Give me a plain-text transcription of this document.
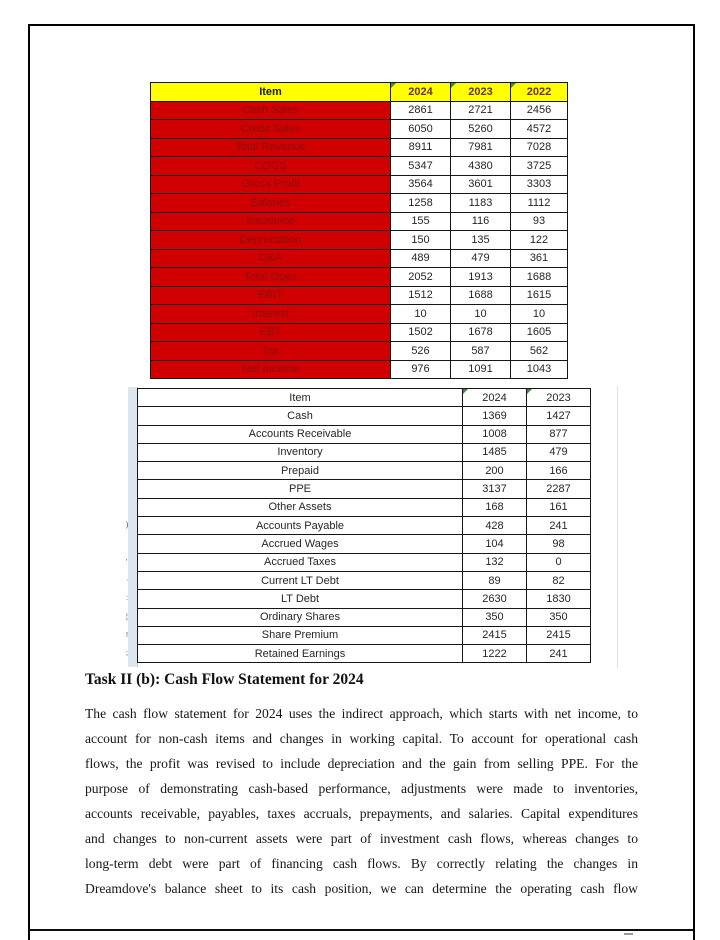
Item	2024	2023	2022

Cash Sales	2861	2721	2456
Credit Sales	6050	5260	4572
Total Revenue	8911	7981	7028
COGS	5347	4380	3725
Gross Profit	3564	3601	3303
Salaries	1258	1183	1112
Insurance	155	116	93
Depreciation	150	135	122
G&A	489	479	361
Total Opex	2052	1913	1688
EBIT	1512	1688	1615
Interest	10	10	10
EBT	1502	1678	1605
Tax	526	587	562
Net Income	976	1091	1043
Item	2024	2023

Cash	1369	1427
Accounts Receivable	1008	877
Inventory	1485	479
Prepaid	200	166
PPE	3137	2287
Other Assets	168	161
Accounts Payable	428	241
Accrued Wages	104	98
Accrued Taxes	132	0
Current LT Debt	89	82
LT Debt	2630	1830
Ordinary Shares	350	350
Share Premium	2415	2415
Retained Earnings	1222	241
Task II (b): Cash Flow Statement for 2024
The cash flow statement for 2024 uses the indirect approach, which starts with net income, to
account for non-cash items and changes in working capital. To account for operational cash
flows, the profit was revised to include depreciation and the gain from selling PPE. For the
purpose of demonstrating cash-based performance, adjustments were made to inventories,
accounts receivable, payables, taxes accruals, prepayments, and salaries. Capital expenditures
and changes to non-current assets were part of investment cash flows, whereas changes to
long-term debt were part of financing cash flows. By correctly relating the changes in
Dreamdove's balance sheet to its cash position, we can determine the operating cash flow
)
'
·
:
¦
!
;
